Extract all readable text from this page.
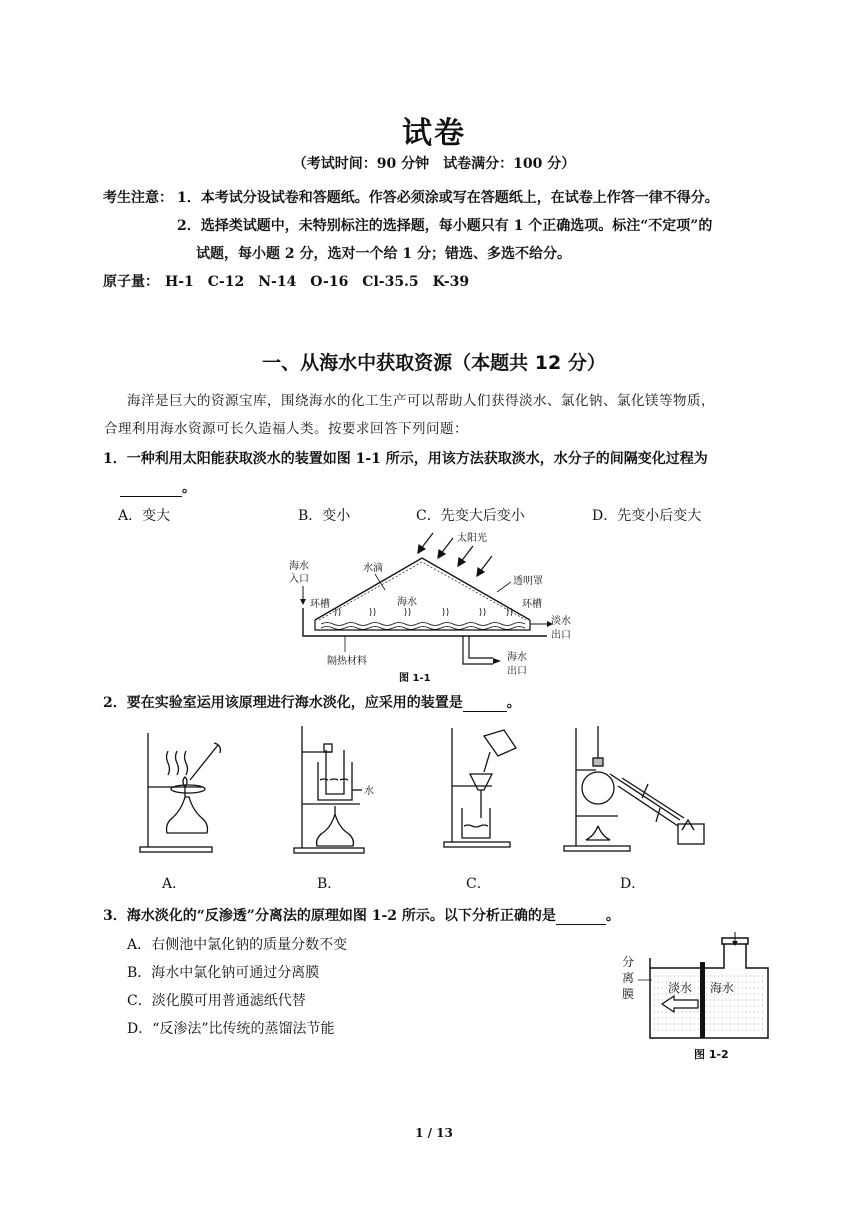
试卷
（考试时间：90 分钟　试卷满分：100 分）
考生注意： 1．本考试分设试卷和答题纸。作答必须涂或写在答题纸上，在试卷上作答一律不得分。
2．选择类试题中，未特别标注的选择题，每小题只有 1 个正确选项。标注“不定项”的
试题，每小题 2 分，选对一个给 1 分；错选、多选不给分。
原子量： H-1　C-12　N-14　O-16　Cl-35.5　K-39
一、从海水中获取资源（本题共 12 分）
海洋是巨大的资源宝库，围绕海水的化工生产可以帮助人们获得淡水、氯化钠、氯化镁等物质，
合理利用海水资源可长久造福人类。按要求回答下列问题：
1．一种利用太阳能获取淡水的装置如图 1-1 所示，用该方法获取淡水，水分子的间隔变化过程为
。
A．变大	B．变小	C．先变大后变小	D．先变小后变大
太阳光
水滴
透明罩
海水
入口
环槽	环槽
海水
淡水
出口
隔热材料	海水
出口
图 1-1
2．要在实验室运用该原理进行海水淡化，应采用的装置是	。
A．
水
B．	C．	D．
3．海水淡化的“反渗透”分离法的原理如图 1-2 所示。以下分析正确的是	。
A．右侧池中氯化钠的质量分数不变
B．海水中氯化钠可通过分离膜
C．淡化膜可用普通滤纸代替
D．“反渗法”比传统的蒸馏法节能
分
离
膜	淡水 海水
图 1-2
1 / 13
